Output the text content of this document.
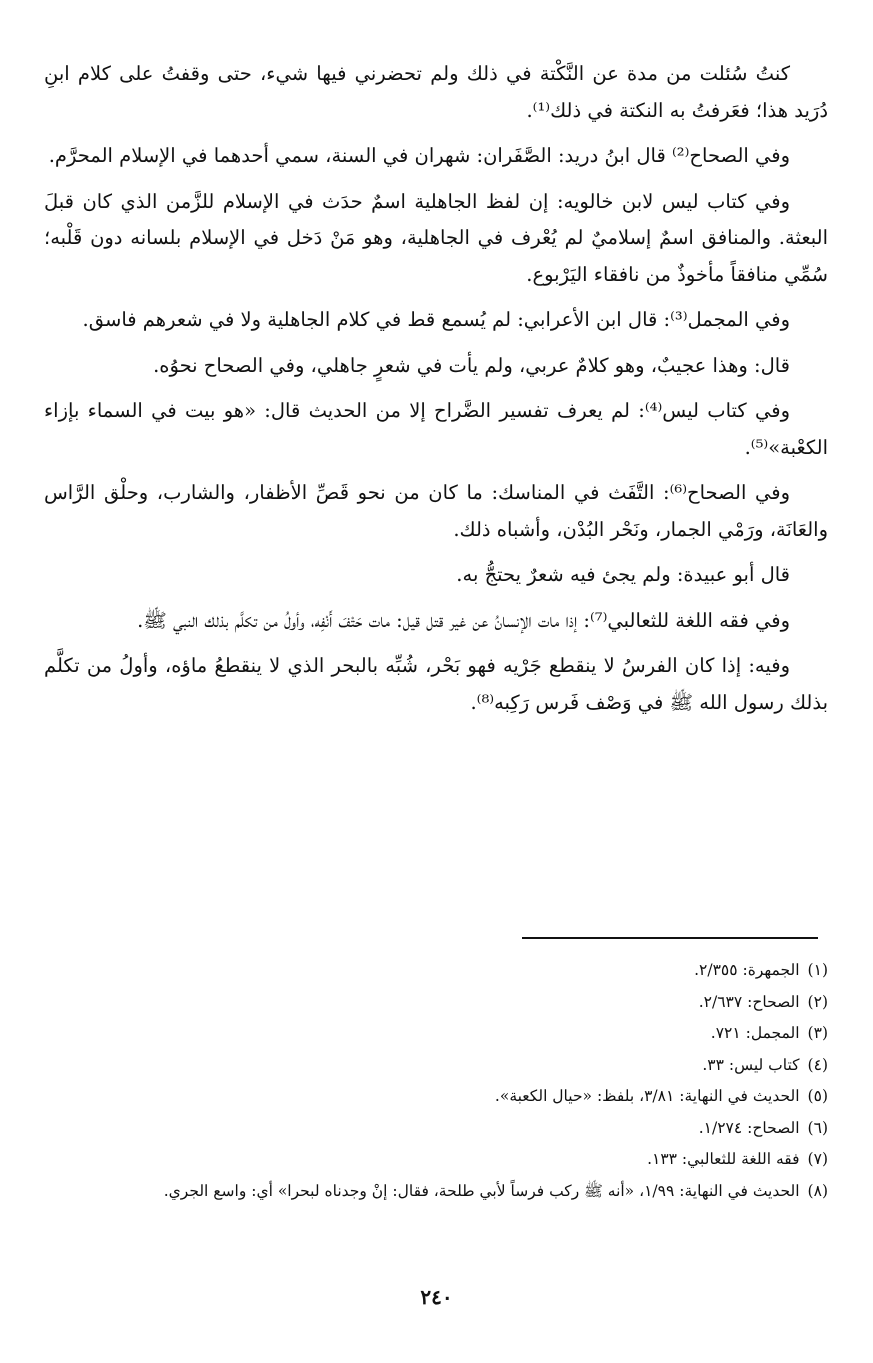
كنتُ سُئلت من مدة عن النَّكْتة في ذلك ولم تحضرني فيها شيء، حتى وقفتُ على كلام ابنِ دُرَيد هذا؛ فعَرفتُ به النكتة في ذلك⁽¹⁾.

وفي الصحاح⁽²⁾ قال ابنُ دريد: الصَّفَران: شهران في السنة، سمي أحدهما في الإسلام المحرَّم.

وفي كتاب ليس لابن خالويه: إن لفظ الجاهلية اسمٌ حدَث في الإسلام للزَّمن الذي كان قبلَ البعثة. والمنافق اسمٌ إسلاميٌ لم يُعْرف في الجاهلية، وهو مَنْ دَخل في الإسلام بلسانه دون قَلْبه؛ سُمِّي منافقاً مأخوذٌ من نافقاء اليَرْبوع.

وفي المجمل⁽³⁾: قال ابن الأعرابي: لم يُسمع قط في كلام الجاهلية ولا في شعرهم فاسق.

قال: وهذا عجيبٌ، وهو كلامٌ عربي، ولم يأت في شعرٍ جاهلي، وفي الصحاح نحوُه.

وفي كتاب ليس⁽⁴⁾: لم يعرف تفسير الضَّراح إلا من الحديث قال: «هو بيت في السماء بإزاء الكعْبة»⁽⁵⁾.

وفي الصحاح⁽⁶⁾: التَّفَث في المناسك: ما كان من نحو قَصِّ الأظفار، والشارب، وحلْق الرَّاس والعَانَة، ورَمْي الجمار، ونَحْر البُدْن، وأشباه ذلك.

قال أبو عبيدة: ولم يجئ فيه شعرٌ يحتجُّ به.

وفي فقه اللغة للثعالبي⁽⁷⁾: إذا مات الإنسانُ عن غير قتل قيل: مات حَتْفَ أَنْفِه، وأولُ من تكلَّم بذلك النبي ﷺ.

وفيه: إذا كان الفرسُ لا ينقطع جَرْيه فهو بَحْر، شُبِّه بالبحر الذي لا ينقطعُ ماؤه، وأولُ من تكلَّم بذلك رسول الله ﷺ في وَصْف فَرس رَكِبه⁽⁸⁾.

(١)الجمهرة: ٢/٣٥٥.
(٢)الصحاح: ٢/٦٣٧.
(٣)المجمل: ٧٢١.
(٤)كتاب ليس: ٣٣.
(٥)الحديث في النهاية: ٣/٨١، بلفظ: «حيال الكعبة».
(٦)الصحاح: ١/٢٧٤.
(٧)فقه اللغة للثعالبي: ١٣٣.
(٨)الحديث في النهاية: ١/٩٩، «أنه ﷺ ركب فرساً لأبي طلحة، فقال: إنْ وجدناه لبحرا» أي: واسع الجري.
٢٤٠
